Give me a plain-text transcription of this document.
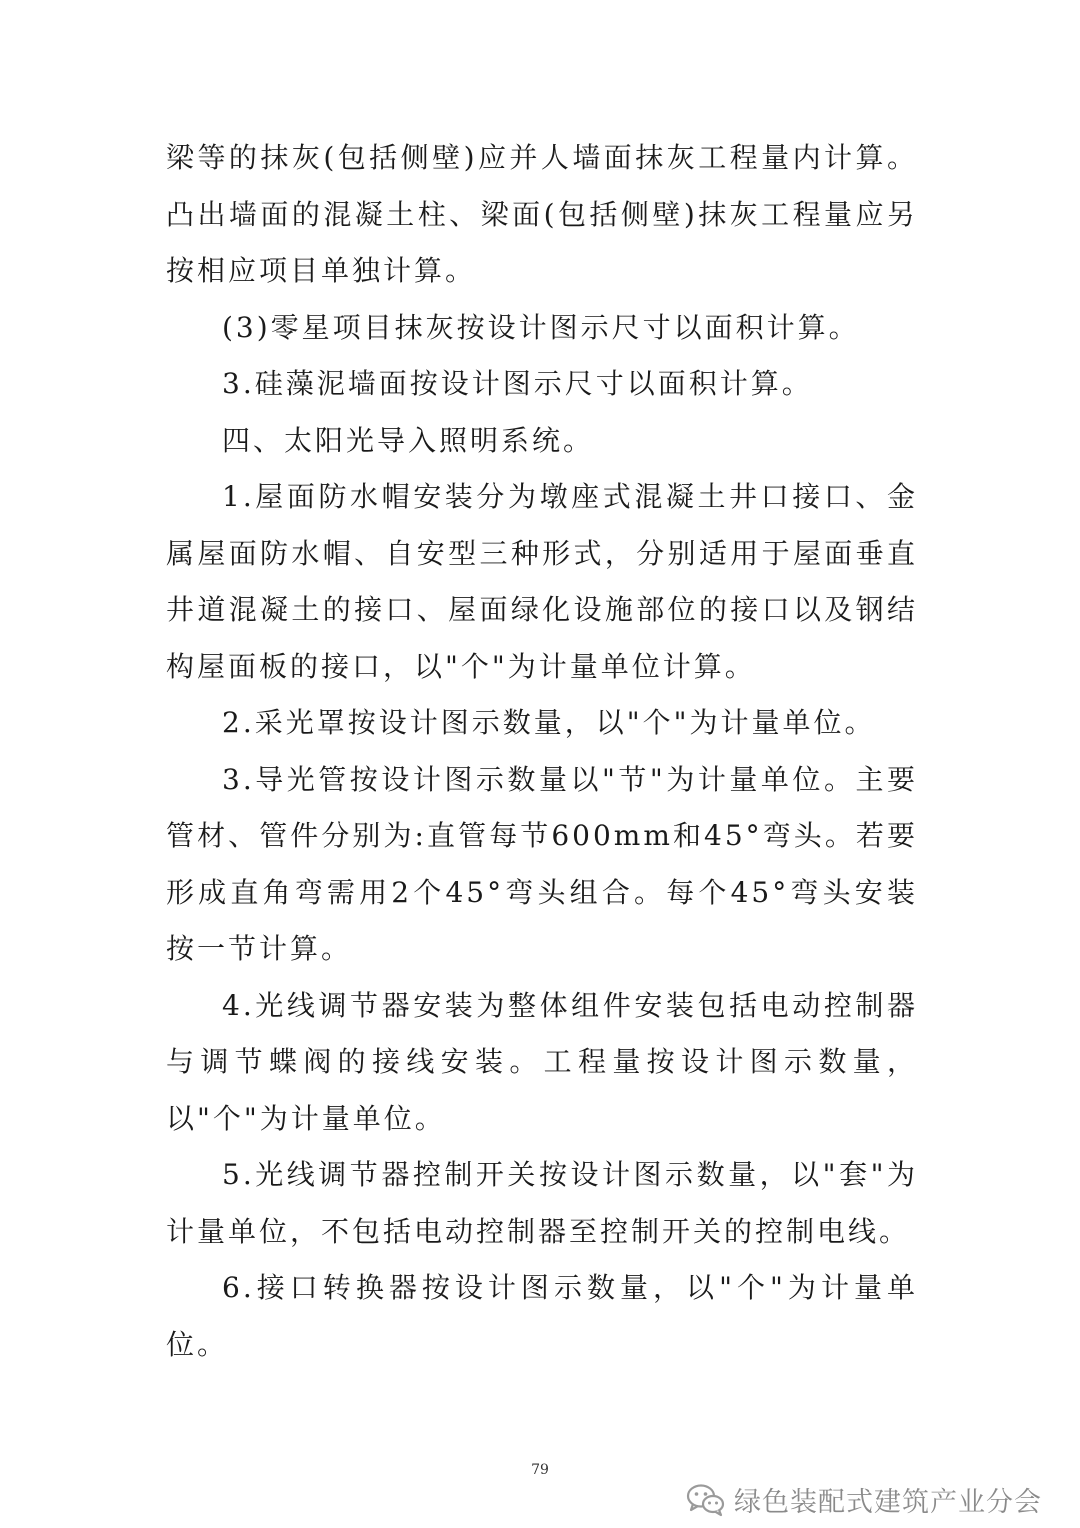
梁等的抹灰(包括侧壁)应并人墙面抹灰工程量内计算。凸出墙面的混凝土柱、梁面(包括侧壁)抹灰工程量应另按相应项目单独计算。

(3)零星项目抹灰按设计图示尺寸以面积计算。

3.硅藻泥墙面按设计图示尺寸以面积计算。

四、太阳光导入照明系统。

1.屋面防水帽安装分为墩座式混凝土井口接口、金属屋面防水帽、自安型三种形式，分别适用于屋面垂直井道混凝土的接口、屋面绿化设施部位的接口以及钢结构屋面板的接口，以"个"为计量单位计算。

2.采光罩按设计图示数量，以"个"为计量单位。

3.导光管按设计图示数量以"节"为计量单位。主要管材、管件分别为:直管每节600mm和45°弯头。若要形成直角弯需用2个45°弯头组合。每个45°弯头安装按一节计算。

4.光线调节器安装为整体组件安装包括电动控制器与调节蝶阀的接线安装。工程量按设计图示数量，以"个"为计量单位。

5.光线调节器控制开关按设计图示数量，以"套"为计量单位，不包括电动控制器至控制开关的控制电线。

6.接口转换器按设计图示数量，以"个"为计量单位。

79
绿色装配式建筑产业分会
